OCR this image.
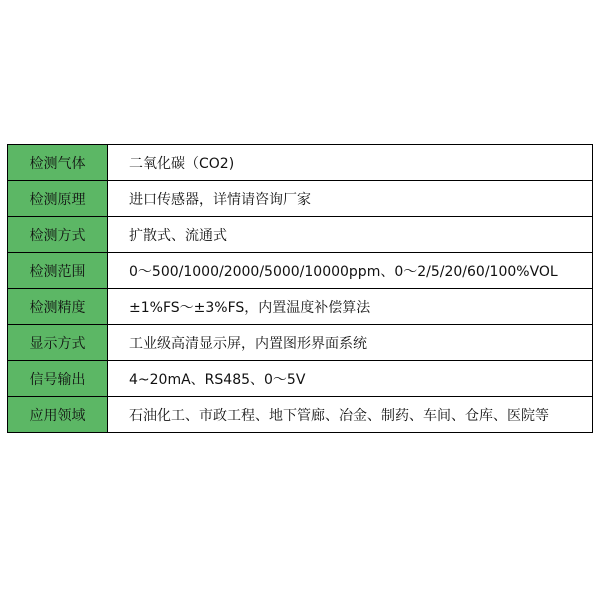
检测气体	二氧化碳（CO2)
检测原理	进口传感器，详情请咨询厂家
检测方式	扩散式、流通式
检测范围	0～500/1000/2000/5000/10000ppm、0～2/5/20/60/100%VOL
检测精度	±1%FS～±3%FS，内置温度补偿算法
显示方式	工业级高清显示屏，内置图形界面系统
信号输出	4~20mA、RS485、0～5V
应用领域	石油化工、市政工程、地下管廊、冶金、制药、车间、仓库、医院等
